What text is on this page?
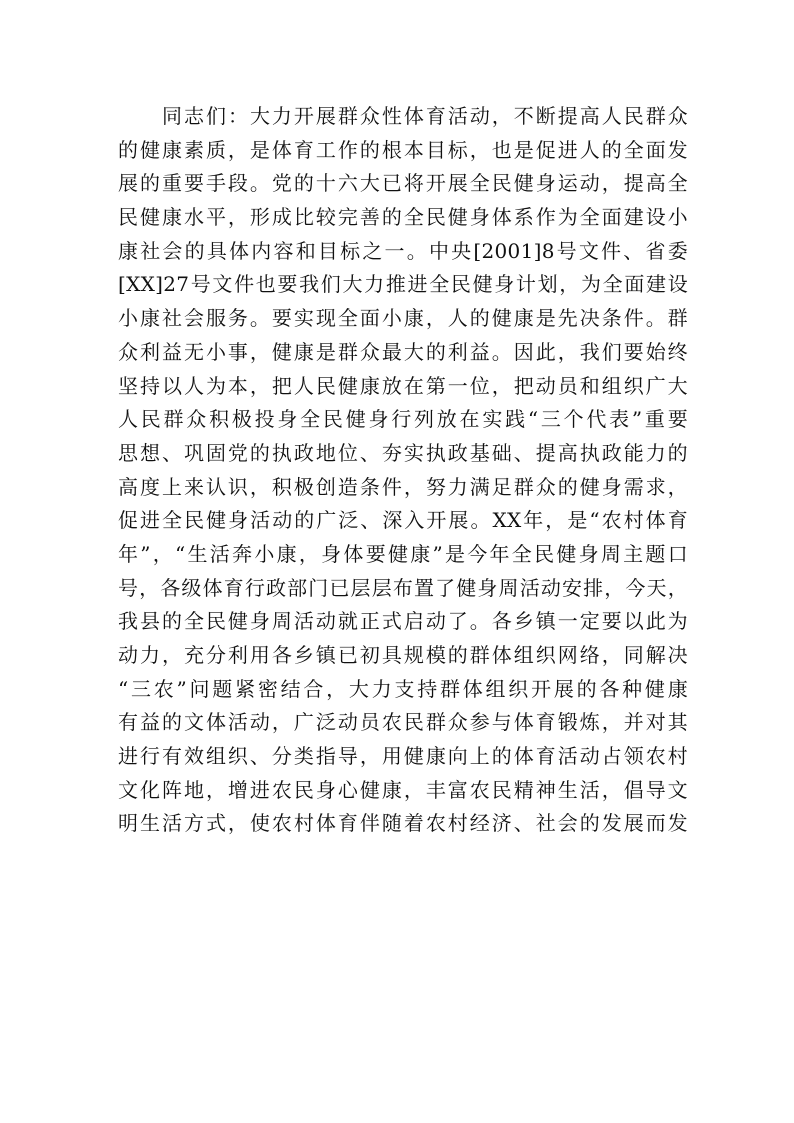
同志们：大力开展群众性体育活动，不断提高人民群众
的健康素质，是体育工作的根本目标，也是促进人的全面发
展的重要手段。党的十六大已将开展全民健身运动，提高全
民健康水平，形成比较完善的全民健身体系作为全面建设小
康社会的具体内容和目标之一。中央[2001]8号文件、省委
[XX]27号文件也要我们大力推进全民健身计划，为全面建设
小康社会服务。要实现全面小康，人的健康是先决条件。群
众利益无小事，健康是群众最大的利益。因此，我们要始终
坚持以人为本，把人民健康放在第一位，把动员和组织广大
人民群众积极投身全民健身行列放在实践“三个代表”重要
思想、巩固党的执政地位、夯实执政基础、提高执政能力的
高度上来认识，积极创造条件，努力满足群众的健身需求，
促进全民健身活动的广泛、深入开展。XX年，是“农村体育
年”，“生活奔小康，身体要健康”是今年全民健身周主题口
号，各级体育行政部门已层层布置了健身周活动安排，今天，
我县的全民健身周活动就正式启动了。各乡镇一定要以此为
动力，充分利用各乡镇已初具规模的群体组织网络，同解决
“三农”问题紧密结合，大力支持群体组织开展的各种健康
有益的文体活动，广泛动员农民群众参与体育锻炼，并对其
进行有效组织、分类指导，用健康向上的体育活动占领农村
文化阵地，增进农民身心健康，丰富农民精神生活，倡导文
明生活方式，使农村体育伴随着农村经济、社会的发展而发
